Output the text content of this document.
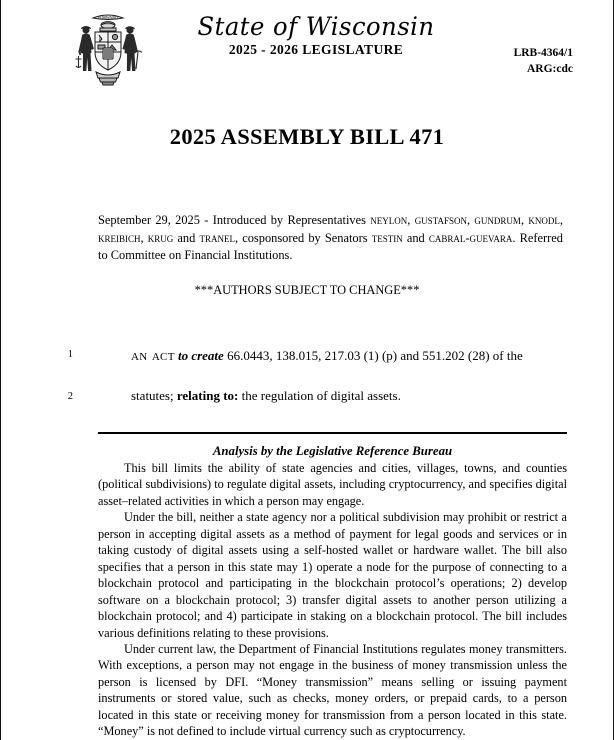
FORWARD	State of Wisconsin
2025 - 2026 LEGISLATURE	LRB-4364/1
ARG:cdc
2025 ASSEMBLY BILL 471
September 29, 2025 - Introduced by Representatives neylon, gustafson, gundrum, knodl, kreibich, krug and tranel, cosponsored by Senators testin and cabral-guevara. Referred to Committee on Financial Institutions.
***AUTHORS SUBJECT TO CHANGE***
1	an act to create 66.0443, 138.015, 217.03 (1) (p) and 551.202 (28) of the
2	statutes; relating to: the regulation of digital assets.
Analysis by the Legislative Reference Bureau

This bill limits the ability of state agencies and cities, villages, towns, and counties (political subdivisions) to regulate digital assets, including cryptocurrency, and specifies digital asset–related activities in which a person may engage.

Under the bill, neither a state agency nor a political subdivision may prohibit or restrict a person in accepting digital assets as a method of payment for legal goods and services or in taking custody of digital assets using a self-hosted wallet or hardware wallet. The bill also specifies that a person in this state may 1) operate a node for the purpose of connecting to a blockchain protocol and participating in the blockchain protocol’s operations; 2) develop software on a blockchain protocol; 3) transfer digital assets to another person utilizing a blockchain protocol; and 4) participate in staking on a blockchain protocol. The bill includes various definitions relating to these provisions.

Under current law, the Department of Financial Institutions regulates money transmitters. With exceptions, a person may not engage in the business of money transmission unless the person is licensed by DFI. “Money transmission” means selling or issuing payment instruments or stored value, such as checks, money orders, or prepaid cards, to a person located in this state or receiving money for transmission from a person located in this state. “Money” is not defined to include virtual currency such as cryptocurrency.
